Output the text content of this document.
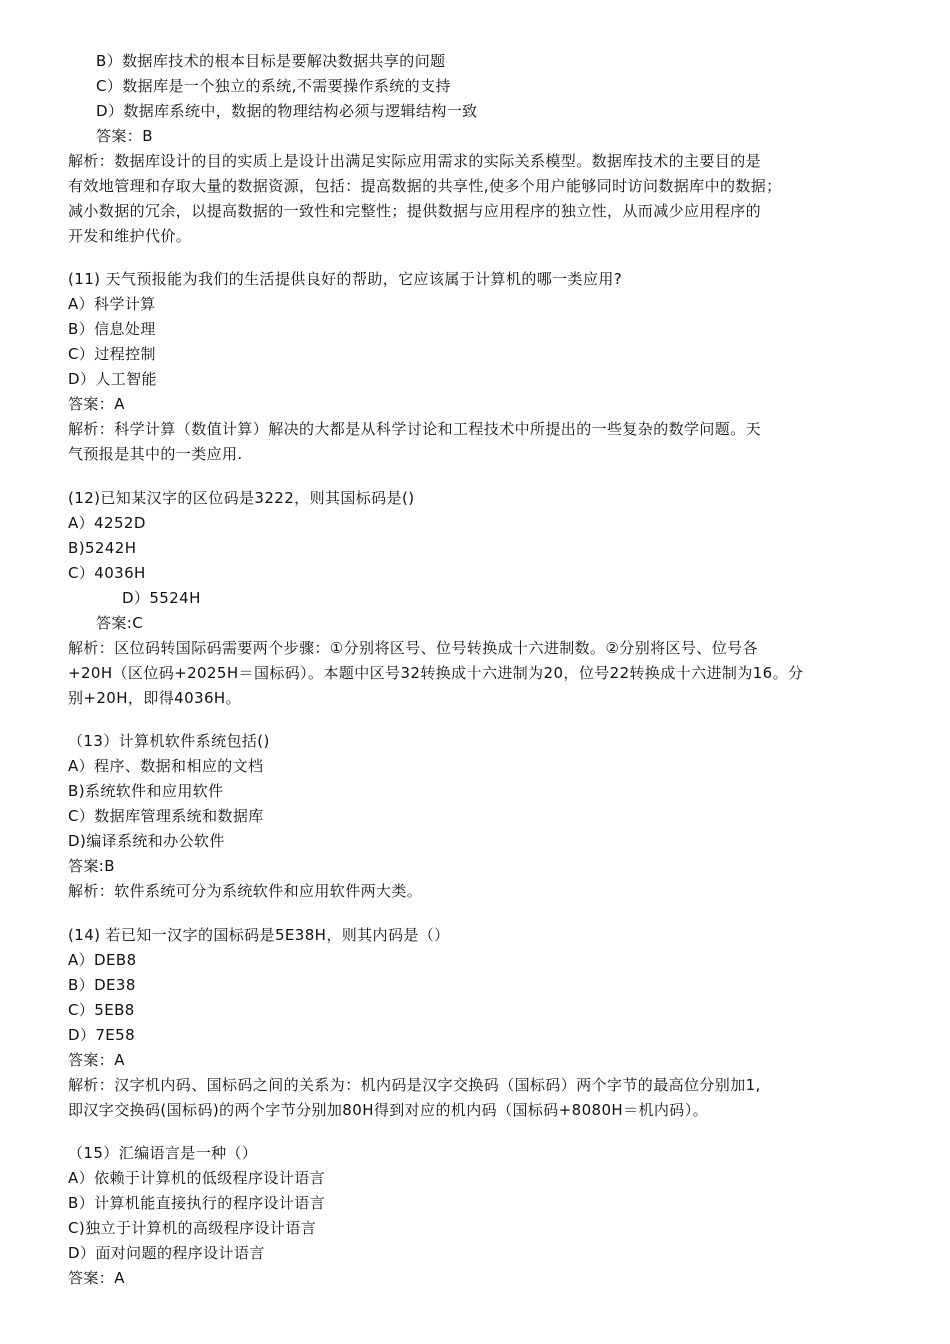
B）数据库技术的根本目标是要解决数据共享的问题
C）数据库是一个独立的系统,不需要操作系统的支持
D）数据库系统中，数据的物理结构必须与逻辑结构一致
答案：B
解析：数据库设计的目的实质上是设计出满足实际应用需求的实际关系模型。数据库技术的主要目的是
有效地管理和存取大量的数据资源，包括：提高数据的共享性,使多个用户能够同时访问数据库中的数据；
减小数据的冗余，以提高数据的一致性和完整性；提供数据与应用程序的独立性，从而减少应用程序的
开发和维护代价。
(11) 天气预报能为我们的生活提供良好的帮助，它应该属于计算机的哪一类应用?
A）科学计算
B）信息处理
C）过程控制
D）人工智能
答案：A
解析：科学计算（数值计算）解决的大都是从科学讨论和工程技术中所提出的一些复杂的数学问题。天
气预报是其中的一类应用.
(12)已知某汉字的区位码是3222，则其国标码是()
A）4252D
B)5242H
C）4036H
D）5524H
答案:C
解析：区位码转国际码需要两个步骤：①分别将区号、位号转换成十六进制数。②分别将区号、位号各
+20H（区位码+2025H＝国标码）。本题中区号32转换成十六进制为20，位号22转换成十六进制为16。分
别+20H，即得4036H。
（13）计算机软件系统包括()
A）程序、数据和相应的文档
B)系统软件和应用软件
C）数据库管理系统和数据库
D)编译系统和办公软件
答案:B
解析：软件系统可分为系统软件和应用软件两大类。
(14) 若已知一汉字的国标码是5E38H，则其内码是（）
A）DEB8
B）DE38
C）5EB8
D）7E58
答案：A
解析：汉字机内码、国标码之间的关系为：机内码是汉字交换码（国标码）两个字节的最高位分别加1,
即汉字交换码(国标码)的两个字节分别加80H得到对应的机内码（国标码+8080H＝机内码）。
（15）汇编语言是一种（）
A）依赖于计算机的低级程序设计语言
B）计算机能直接执行的程序设计语言
C)独立于计算机的高级程序设计语言
D）面对问题的程序设计语言
答案：A
